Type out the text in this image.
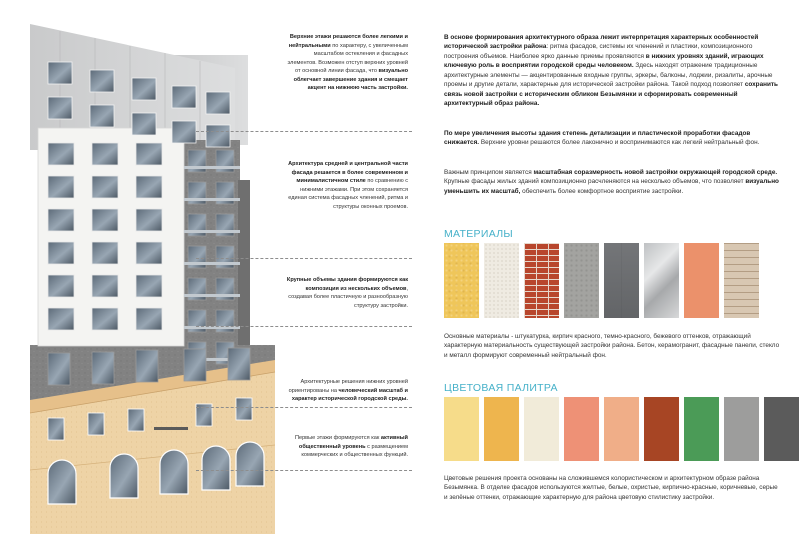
Верхние этажи решаются более легкими и нейтральными по характеру, с увеличенным масштабом остекления и фасадных элементов. Возможен отступ верхних уровней от основной линии фасада, что визуально облегчает завершение здания и смещает акцент на нижнюю часть застройки.
Архитектура средней и центральной части фасада решается в более современном и минималистичном стиле по сравнению с нижними этажами. При этом сохраняется единая система фасадных членений, ритма и структуры оконных проемов.
Крупные объемы здания формируются как композиция из нескольких объемов, создавая более пластичную и разнообразную структуру застройки.
Архитектурные решения нижних уровней ориентированы на человеческий масштаб и характер исторической городской среды.
Первые этажи формируются как активный общественный уровень с размещением коммерческих и общественных функций.
В основе формирования архитектурного образа лежит интерпретация характерных особенностей исторической застройки района: ритма фасадов, системы их членений и пластики, композиционного построения объемов. Наиболее ярко данные приемы проявляются в нижних уровнях зданий, играющих ключевую роль в восприятии городской среды человеком. Здесь находят отражение традиционные архитектурные элементы — акцентированные входные группы, эркеры, балконы, лоджии, ризалиты, арочные проемы и другие детали, характерные для исторической застройки района. Такой подход позволяет сохранить связь новой застройки с историческим обликом Безымянки и сформировать современный архитектурный образ района.
По мере увеличения высоты здания степень детализации и пластической проработки фасадов снижается. Верхние уровни решаются более лаконично и воспринимаются как легкий нейтральный фон.
Важным принципом является масштабная соразмерность новой застройки окружающей городской среде. Крупные фасады жилых зданий композиционно расчленяются на несколько объемов, что позволяет визуально уменьшить их масштаб, обеспечить более комфортное восприятие застройки.
МАТЕРИАЛЫ
Основные материалы - штукатурка, кирпич красного, темно-красного, бежевого оттенков, отражающий характерную материальность существующей застройки района. Бетон, керамогранит, фасадные панели, стекло и металл формируют современный нейтральный фон.
ЦВЕТОВАЯ ПАЛИТРА
Цветовые решения проекта основаны на сложившемся колористическом и архитектурном образе района Безымянка. В отделке фасадов используются желтые, белые, охристые, кирпично-красные, коричневые, серые и зелёные оттенки, отражающие характерную для района цветовую стилистику застройки.
